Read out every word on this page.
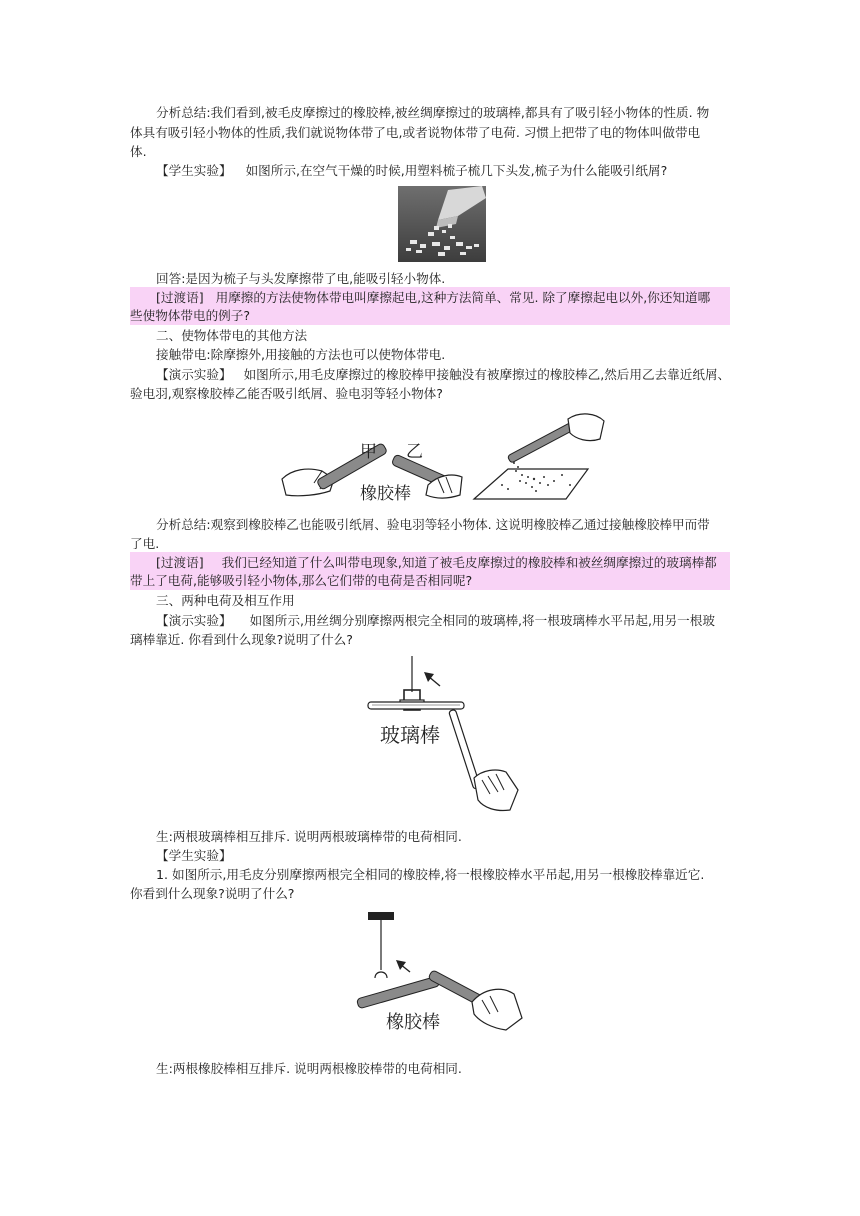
分析总结:我们看到,被毛皮摩擦过的橡胶棒,被丝绸摩擦过的玻璃棒,都具有了吸引轻小物体的性质. 物
体具有吸引轻小物体的性质,我们就说物体带了电,或者说物体带了电荷. 习惯上把带了电的物体叫做带电
体.
【学生实验】 如图所示,在空气干燥的时候,用塑料梳子梳几下头发,梳子为什么能吸引纸屑?
回答:是因为梳子与头发摩擦带了电,能吸引轻小物体.
[过渡语] 用摩擦的方法使物体带电叫摩擦起电,这种方法简单、常见. 除了摩擦起电以外,你还知道哪
些使物体带电的例子?
二、使物体带电的其他方法
接触带电:除摩擦外,用接触的方法也可以使物体带电.
【演示实验】 如图所示,用毛皮摩擦过的橡胶棒甲接触没有被摩擦过的橡胶棒乙,然后用乙去靠近纸屑、
验电羽,观察橡胶棒乙能否吸引纸屑、验电羽等轻小物体?
甲 乙
橡胶棒
分析总结:观察到橡胶棒乙也能吸引纸屑、验电羽等轻小物体. 这说明橡胶棒乙通过接触橡胶棒甲而带
了电.
[过渡语] 我们已经知道了什么叫带电现象,知道了被毛皮摩擦过的橡胶棒和被丝绸摩擦过的玻璃棒都
带上了电荷,能够吸引轻小物体,那么它们带的电荷是否相同呢?
三、两种电荷及相互作用
【演示实验】 如图所示,用丝绸分别摩擦两根完全相同的玻璃棒,将一根玻璃棒水平吊起,用另一根玻
璃棒靠近. 你看到什么现象?说明了什么?
玻璃棒
生:两根玻璃棒相互排斥. 说明两根玻璃棒带的电荷相同.
【学生实验】
1. 如图所示,用毛皮分别摩擦两根完全相同的橡胶棒,将一根橡胶棒水平吊起,用另一根橡胶棒靠近它.
你看到什么现象?说明了什么?
橡胶棒
生:两根橡胶棒相互排斥. 说明两根橡胶棒带的电荷相同.
